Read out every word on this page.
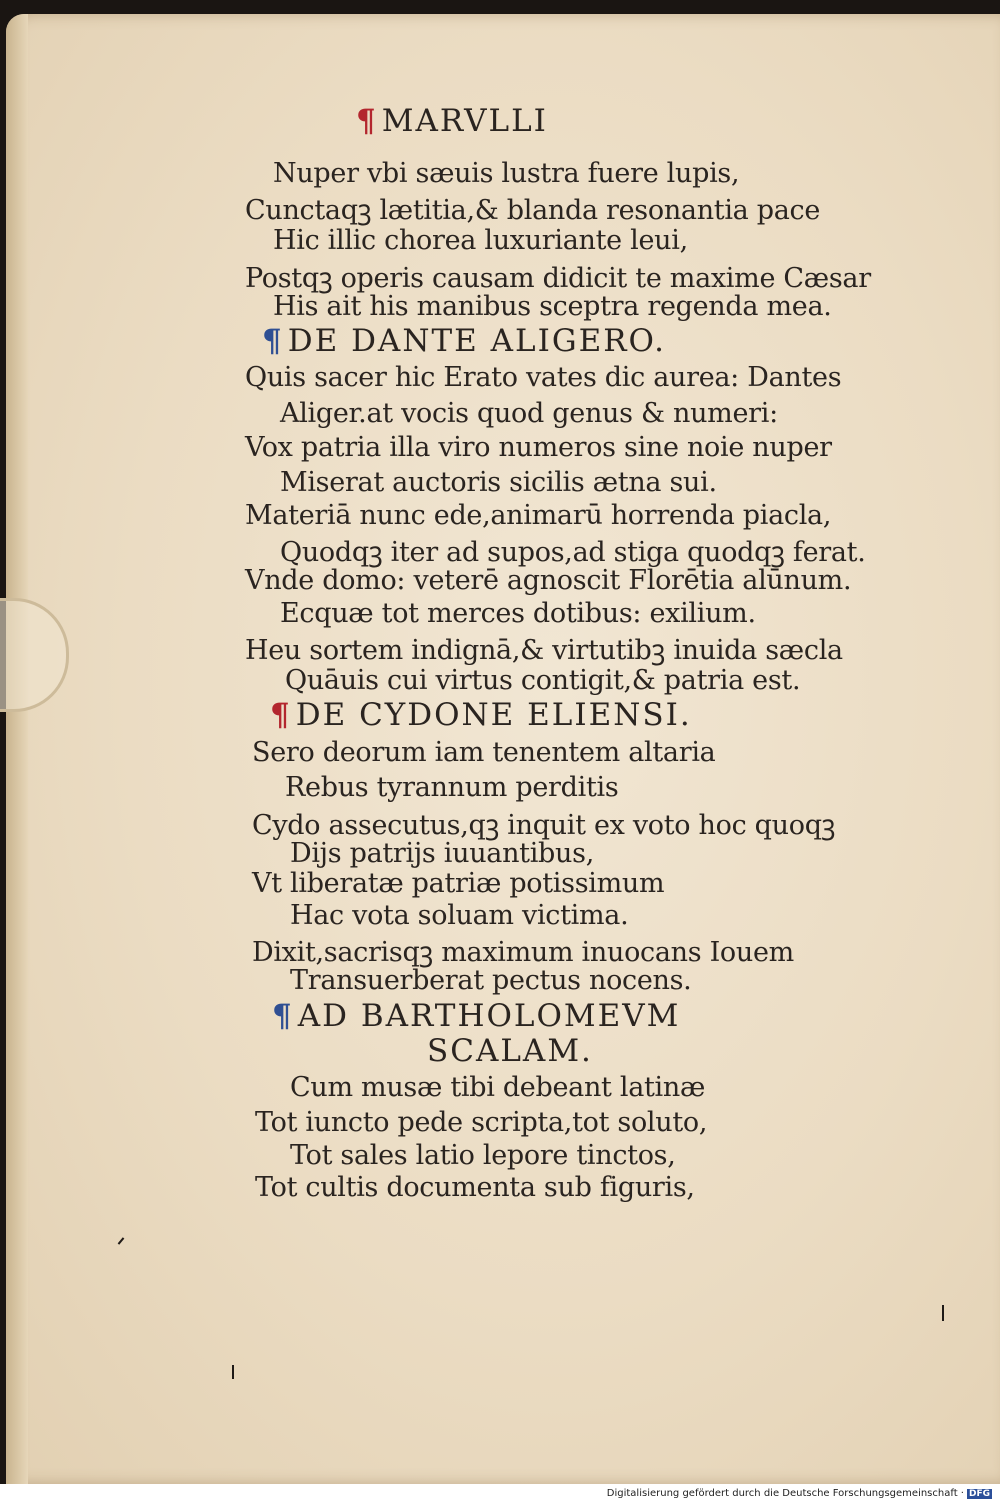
¶ MARVLLI
Nuper vbi sæuis lustra fuere lupis,
Cunctaqꝫ lætitia,& blanda resonantia pace
Hic illic chorea luxuriante leui,
Postqꝫ operis causam didicit te maxime Cæsar
His ait his manibus sceptra regenda mea.
¶ DE DANTE ALIGERO.
Quis sacer hic Erato vates dic aurea: Dantes
Aliger.at vocis quod genus & numeri:
Vox patria illa viro numeros sine noie nuper
Miserat auctoris sicilis ætna sui.
Materiā nunc ede,animarū horrenda piacla,
Quodqꝫ iter ad supos,ad stiga quodqꝫ ferat.
Vnde domo: veterē agnoscit Florētia alūnum.
Ecquæ tot merces dotibus: exilium.
Heu sortem indignā,& virtutibꝫ inuida sæcla
Quāuis cui virtus contigit,& patria est.
¶ DE CYDONE ELIENSI.
Sero deorum iam tenentem altaria
Rebus tyrannum perditis
Cydo assecutus,qꝫ inquit ex voto hoc quoqꝫ
Dijs patrijs iuuantibus,
Vt liberatæ patriæ potissimum
Hac vota soluam victima.
Dixit,sacrisqꝫ maximum inuocans Iouem
Transuerberat pectus nocens.
¶ AD BARTHOLOMEVM
SCALAM.
Cum musæ tibi debeant latinæ
Tot iuncto pede scripta,tot soluto,
Tot sales latio lepore tinctos,
Tot cultis documenta sub figuris,
Digitalisierung gefördert durch die Deutsche Forschungsgemeinschaft · DFG
